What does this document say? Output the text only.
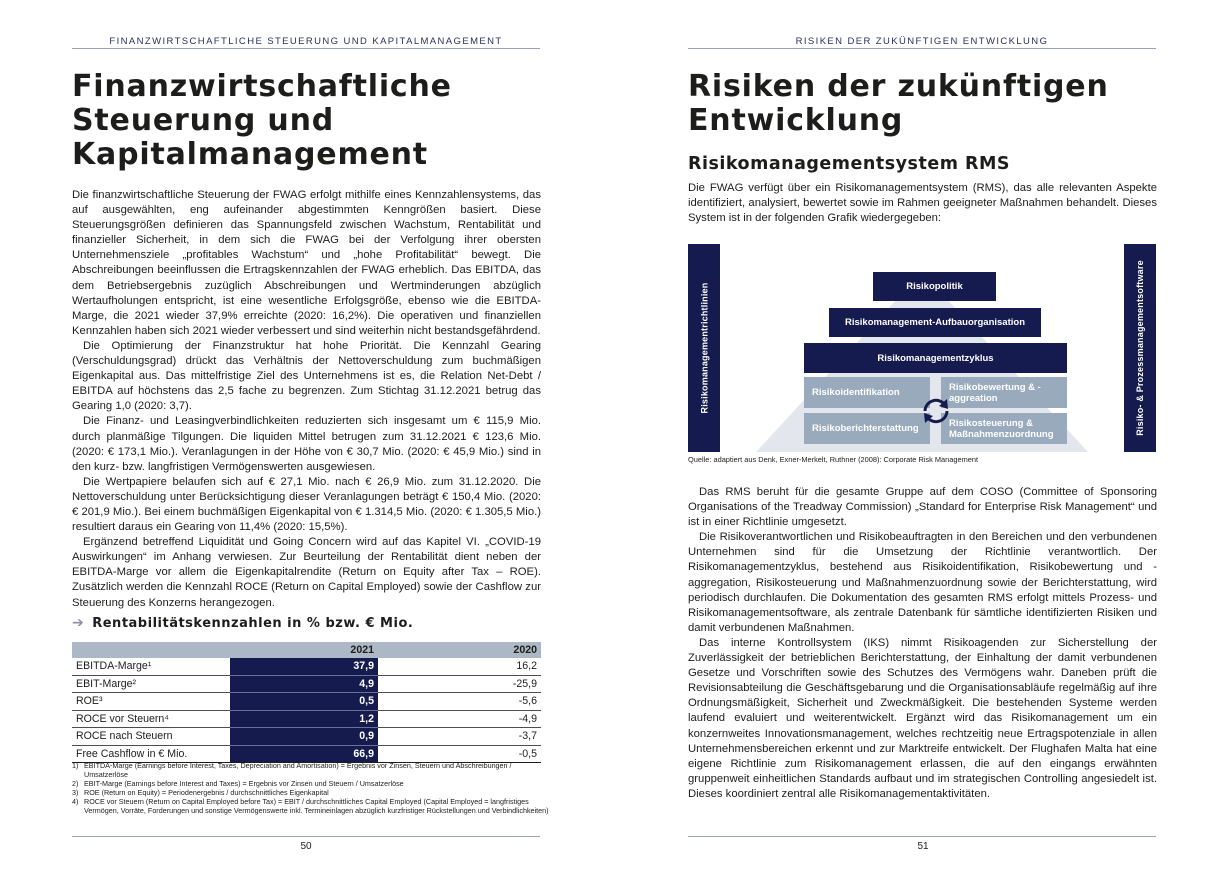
FINANZWIRTSCHAFTLICHE STEUERUNG UND KAPITALMANAGEMENT
Finanzwirtschaftliche
Steuerung und
Kapitalmanagement

Die finanzwirtschaftliche Steuerung der FWAG erfolgt mithilfe eines Kennzahlensystems, das auf ausgewählten, eng aufeinander abgestimmten Kenngrößen basiert. Diese Steuerungsgrößen definieren das Spannungsfeld zwischen Wachstum, Rentabilität und finanzieller Sicherheit, in dem sich die FWAG bei der Verfolgung ihrer obersten Unternehmensziele „profitables Wachstum“ und „hohe Profitabilität“ bewegt. Die Abschreibungen beeinflussen die Ertragskennzahlen der FWAG erheblich. Das EBITDA, das dem Betriebsergebnis zuzüglich Abschreibungen und Wertminderungen abzüglich Wertaufholungen entspricht, ist eine wesentliche Erfolgsgröße, ebenso wie die EBITDA-Marge, die 2021 wieder 37,9% erreichte (2020: 16,2%). Die operativen und finanziellen Kennzahlen haben sich 2021 wieder verbessert und sind weiterhin nicht bestandsgefährdend.

Die Optimierung der Finanzstruktur hat hohe Priorität. Die Kennzahl Gearing (Verschuldungsgrad) drückt das Verhältnis der Nettoverschuldung zum buchmäßigen Eigenkapital aus. Das mittelfristige Ziel des Unternehmens ist es, die Relation Net-Debt / EBITDA auf höchstens das 2,5 fache zu begrenzen. Zum Stichtag 31.12.2021 betrug das Gearing 1,0 (2020: 3,7).

Die Finanz- und Leasingverbindlichkeiten reduzierten sich insgesamt um € 115,9 Mio. durch planmäßige Tilgungen. Die liquiden Mittel betrugen zum 31.12.2021 € 123,6 Mio. (2020: € 173,1 Mio.). Veranlagungen in der Höhe von € 30,7 Mio. (2020: € 45,9 Mio.) sind in den kurz- bzw. langfristigen Vermögenswerten ausgewiesen.

Die Wertpapiere belaufen sich auf € 27,1 Mio. nach € 26,9 Mio. zum 31.12.2020. Die Nettoverschuldung unter Berücksichtigung dieser Veranlagungen beträgt € 150,4 Mio. (2020: € 201,9 Mio.). Bei einem buchmäßigen Eigenkapital von € 1.314,5 Mio. (2020: € 1.305,5 Mio.) resultiert daraus ein Gearing von 11,4% (2020: 15,5%).

Ergänzend betreffend Liquidität und Going Concern wird auf das Kapitel VI. „COVID-19 Auswirkungen“ im Anhang verwiesen. Zur Beurteilung der Rentabilität dient neben der EBITDA-Marge vor allem die Eigenkapitalrendite (Return on Equity after Tax – ROE). Zusätzlich werden die Kennzahl ROCE (Return on Capital Employed) sowie der Cashflow zur Steuerung des Konzerns herangezogen.

➔ Rentabilitätskennzahlen in % bzw. € Mio.
	2021	2020
EBITDA-Marge¹	37,9	16,2
EBIT-Marge²	4,9	-25,9
ROE³	0,5	-5,6
ROCE vor Steuern⁴	1,2	-4,9
ROCE nach Steuern	0,9	-3,7
Free Cashflow in € Mio.	66,9	-0,5
1) EBITDA-Marge (Earnings before Interest, Taxes, Depreciation and Amortisation) = Ergebnis vor Zinsen, Steuern und Abschreibungen / Umsatzerlöse
2) EBIT-Marge (Earnings before Interest and Taxes) = Ergebnis vor Zinsen und Steuern / Umsatzerlöse
3) ROE (Return on Equity) = Periodenergebnis / durchschnittliches Eigenkapital
4) ROCE vor Steuern (Return on Capital Employed before Tax) = EBIT / durchschnittliches Capital Employed (Capital Employed = langfristiges Vermögen, Vorräte, Forderungen und sonstige Vermögenswerte inkl. Termineinlagen abzüglich kurzfristiger Rückstellungen und Verbindlichkeiten)
50
RISIKEN DER ZUKÜNFTIGEN ENTWICKLUNG
Risiken der zukünftigen
Entwicklung
Risikomanagementsystem RMS

Die FWAG verfügt über ein Risikomanagementsystem (RMS), das alle relevanten Aspekte identifiziert, analysiert, bewertet sowie im Rahmen geeigneter Maßnahmen behandelt. Dieses System ist in der folgenden Grafik wiedergegeben:

Risikomanagementrichtlinien	Risiko- & Prozessmanagementsoftware
Risikopolitik
Risikomanagement-Aufbauorganisation
Risikomanagementzyklus
Risikoidentifikation	Risikobewertung & -aggreation
Risikoberichterstattung	Risikosteuerung & Maßnahmenzuordnung
Quelle: adaptiert aus Denk, Exner-Merkelt, Ruthner (2008): Corporate Risk Management

Das RMS beruht für die gesamte Gruppe auf dem COSO (Committee of Sponsoring Organisations of the Treadway Commission) „Standard for Enterprise Risk Management“ und ist in einer Richtlinie umgesetzt.

Die Risikoverantwortlichen und Risikobeauftragten in den Bereichen und den verbundenen Unternehmen sind für die Umsetzung der Richtlinie verantwortlich. Der Risikomanagementzyklus, bestehend aus Risikoidentifikation, Risikobewertung und -aggregation, Risikosteuerung und Maßnahmenzuordnung sowie der Berichterstattung, wird periodisch durchlaufen. Die Dokumentation des gesamten RMS erfolgt mittels Prozess- und Risikomanagementsoftware, als zentrale Datenbank für sämtliche identifizierten Risiken und damit verbundenen Maßnahmen.

Das interne Kontrollsystem (IKS) nimmt Risikoagenden zur Sicherstellung der Zuverlässigkeit der betrieblichen Berichterstattung, der Einhaltung der damit verbundenen Gesetze und Vorschriften sowie des Schutzes des Vermögens wahr. Daneben prüft die Revisionsabteilung die Geschäftsgebarung und die Organisationsabläufe regelmäßig auf ihre Ordnungsmäßigkeit, Sicherheit und Zweckmäßigkeit. Die bestehenden Systeme werden laufend evaluiert und weiterentwickelt. Ergänzt wird das Risikomanagement um ein konzernweites Innovationsmanagement, welches rechtzeitig neue Ertragspotenziale in allen Unternehmensbereichen erkennt und zur Marktreife entwickelt. Der Flughafen Malta hat eine eigene Richtlinie zum Risikomanagement erlassen, die auf den eingangs erwähnten gruppenweit einheitlichen Standards aufbaut und im strategischen Controlling angesiedelt ist. Dieses koordiniert zentral alle Risikomanagementaktivitäten.

51
